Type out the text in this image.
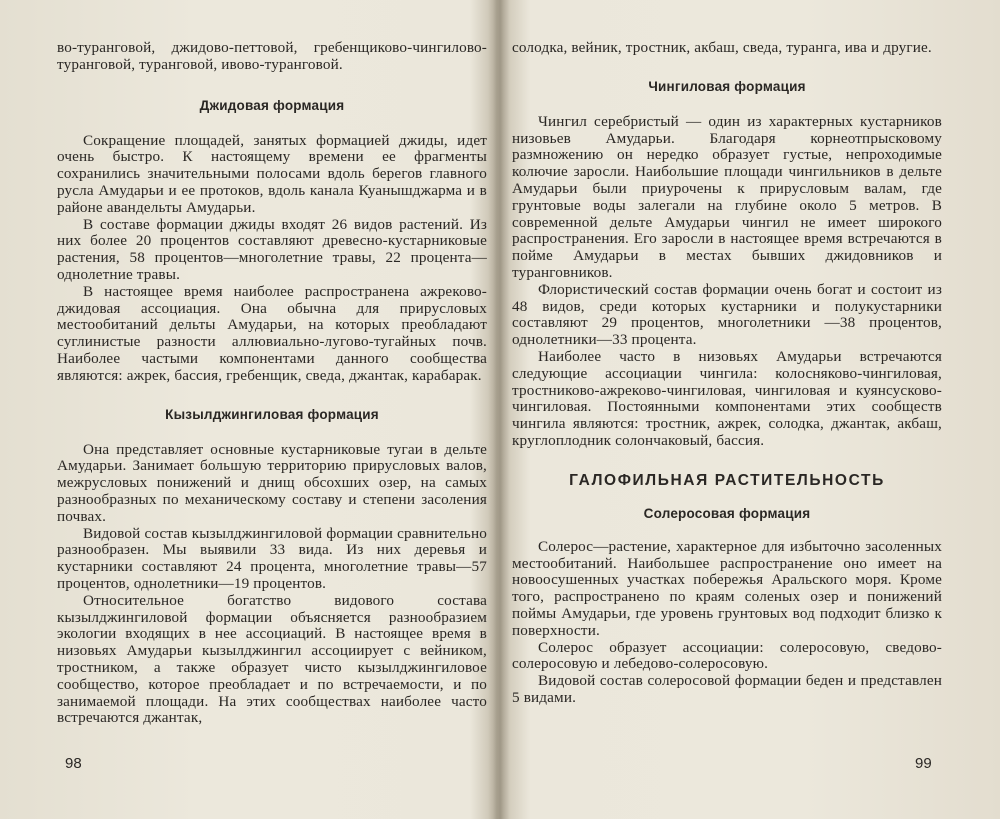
во-туранговой, джидово-петтовой, гребенщиково-чингилово-туранговой, туранговой, ивово-туранговой.

Джидовая формация

Сокращение площадей, занятых формацией джиды, идет очень быстро. К настоящему времени ее фрагменты сохранились значительными полосами вдоль берегов главного русла Амударьи и ее протоков, вдоль канала Куанышджарма и в районе авандельты Амударьи.

В составе формации джиды входят 26 видов растений. Из них более 20 процентов составляют древесно-кустарниковые растения, 58 процентов—многолетние травы, 22 процента—однолетние травы.

В настоящее время наиболее распространена ажреково-джидовая ассоциация. Она обычна для прирусловых местообитаний дельты Амударьи, на которых преобладают суглинистые разности аллювиально-лугово-тугайных почв. Наиболее частыми компонентами данного сообщества являются: ажрек, бассия, гребенщик, сведа, джантак, карабарак.

Кызылджингиловая формация

Она представляет основные кустарниковые тугаи в дельте Амударьи. Занимает большую территорию прирусловых валов, межрусловых понижений и днищ обсохших озер, на самых разнообразных по механическому составу и степени засоления почвах.

Видовой состав кызылджингиловой формации сравнительно разнообразен. Мы выявили 33 вида. Из них деревья и кустарники составляют 24 процента, многолетние травы—57 процентов, однолетники—19 процентов.

Относительное богатство видового состава кызылджингиловой формации объясняется разнообразием экологии входящих в нее ассоциаций. В настоящее время в низовьях Амударьи кызылджингил ассоциирует с вейником, тростником, а также образует чисто кызылджингиловое сообщество, которое преобладает и по встречаемости, и по занимаемой площади. На этих сообществах наиболее часто встречаются джантак,

98

солодка, вейник, тростник, акбаш, сведа, туранга, ива и другие.

Чингиловая формация

Чингил серебристый — один из характерных кустарников низовьев Амударьи. Благодаря корнеотпрысковому размножению он нередко образует густые, непроходимые колючие заросли. Наибольшие площади чингильников в дельте Амударьи были приурочены к прирусловым валам, где грунтовые воды залегали на глубине около 5 метров. В современной дельте Амударьи чингил не имеет широкого распространения. Его заросли в настоящее время встречаются в пойме Амударьи в местах бывших джидовников и туранговников.

Флористический состав формации очень богат и состоит из 48 видов, среди которых кустарники и полукустарники составляют 29 процентов, многолетники —38 процентов, однолетники—33 процента.

Наиболее часто в низовьях Амударьи встречаются следующие ассоциации чингила: колосняково-чингиловая, тростниково-ажреково-чингиловая, чингиловая и куянсусково-чингиловая. Постоянными компонентами этих сообществ чингила являются: тростник, ажрек, солодка, джантак, акбаш, круглоплодник солончаковый, бассия.

ГАЛОФИЛЬНАЯ РАСТИТЕЛЬНОСТЬ
Солеросовая формация

Солерос—растение, характерное для избыточно засоленных местообитаний. Наибольшее распространение оно имеет на новоосушенных участках побережья Аральского моря. Кроме того, распространено по краям соленых озер и понижений поймы Амударьи, где уровень грунтовых вод подходит близко к поверхности.

Солерос образует ассоциации: солеросовую, сведово-солеросовую и лебедово-солеросовую.

Видовой состав солеросовой формации беден и представлен 5 видами.

99
